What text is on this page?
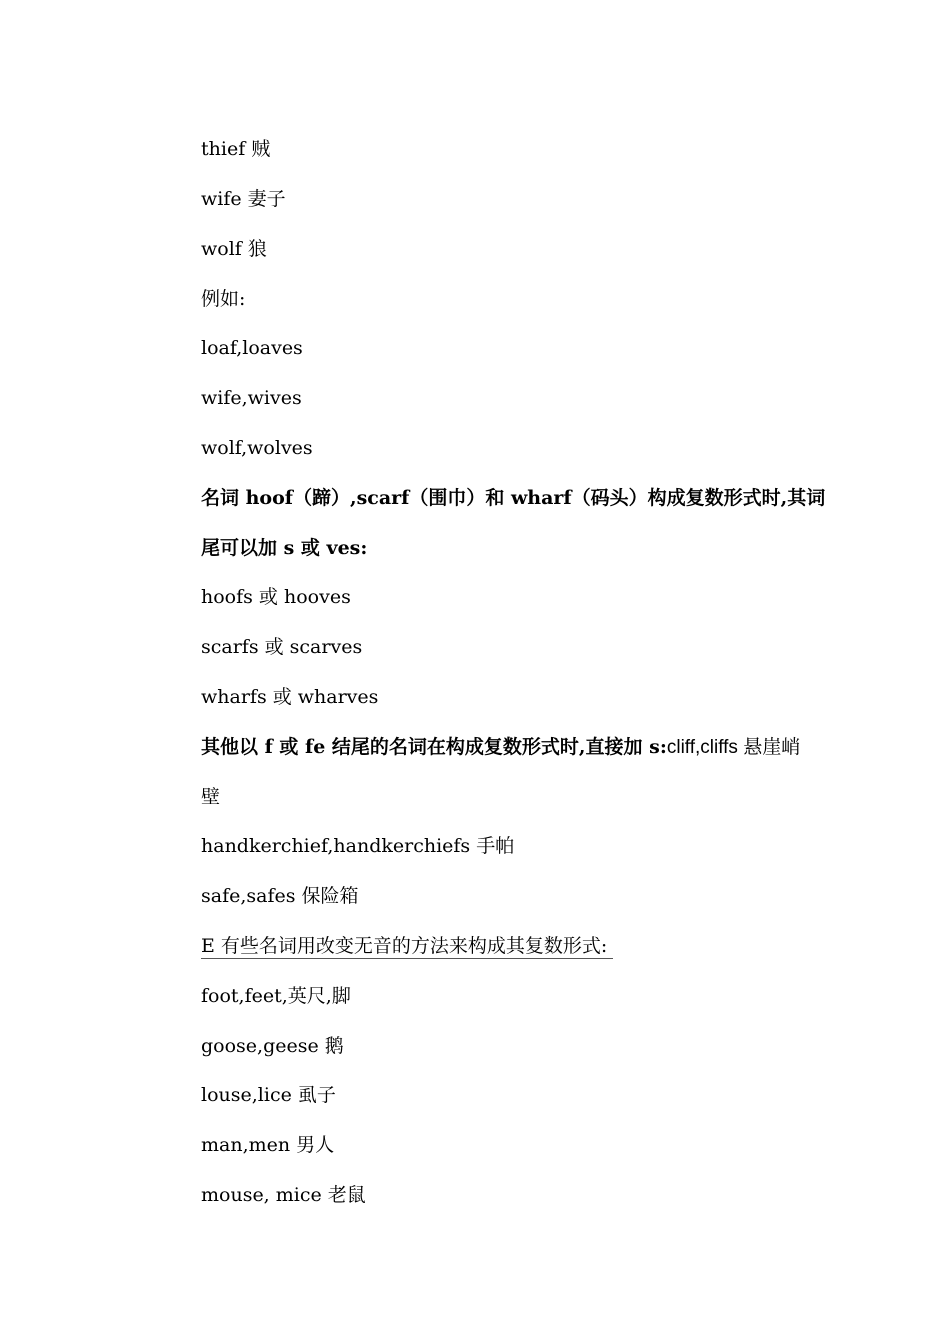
thief 贼
wife 妻子
wolf 狼
例如:
loaf,loaves
wife,wives
wolf,wolves
名词 hoof（蹄）,scarf（围巾）和 wharf（码头）构成复数形式时,其词
尾可以加 s 或 ves:
hoofs 或 hooves
scarfs 或 scarves
wharfs 或 wharves
其他以 f 或 fe 结尾的名词在构成复数形式时,直接加 s:cliff,cliffs 悬崖峭
壁
handkerchief,handkerchiefs 手帕
safe,safes 保险箱
E 有些名词用改变无音的方法来构成其复数形式:
foot,feet,英尺,脚
goose,geese 鹅
louse,lice 虱子
man,men 男人
mouse, mice 老鼠
